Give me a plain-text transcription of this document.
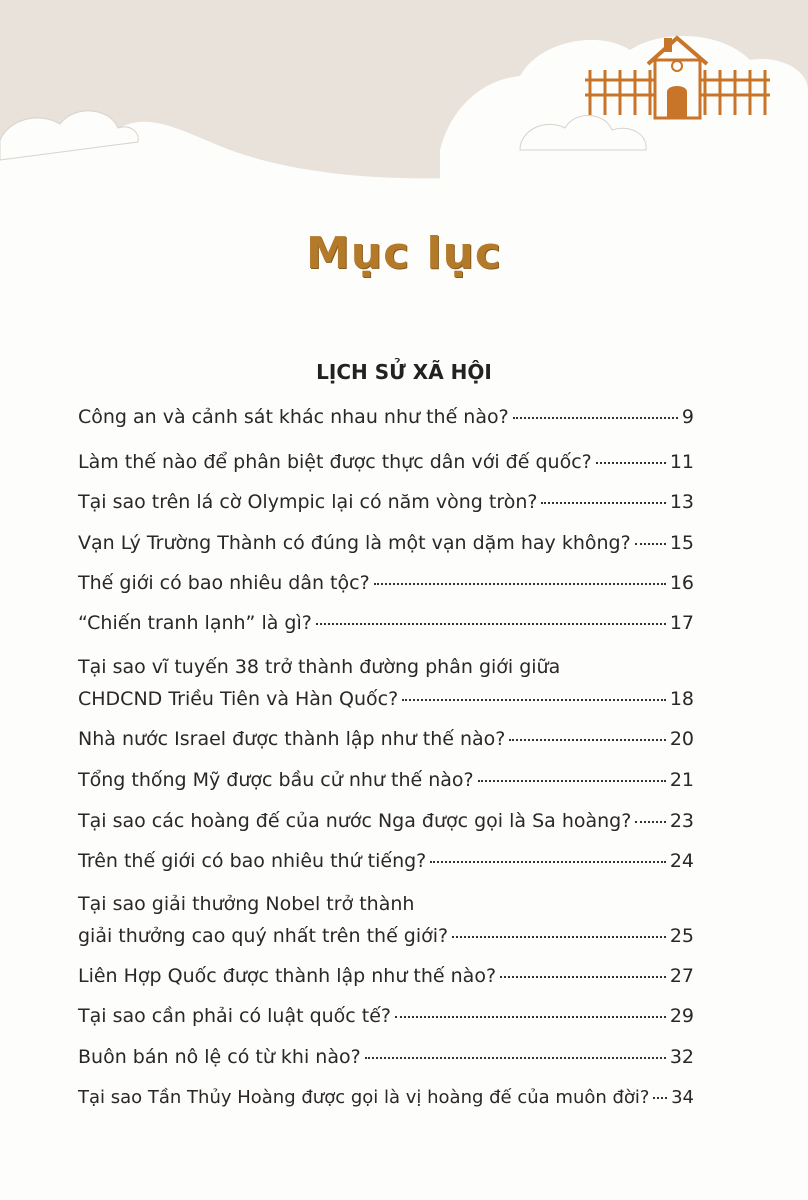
Mục lục
LỊCH SỬ XÃ HỘI
Công an và cảnh sát khác nhau như thế nào?	9
Làm thế nào để phân biệt được thực dân với đế quốc?	11
Tại sao trên lá cờ Olympic lại có năm vòng tròn?	13
Vạn Lý Trường Thành có đúng là một vạn dặm hay không? 15
Thế giới có bao nhiêu dân tộc?	16
“Chiến tranh lạnh” là gì?	17
Tại sao vĩ tuyến 38 trở thành đường phân giới giữa
CHDCND Triều Tiên và Hàn Quốc?	18
Nhà nước Israel được thành lập như thế nào?	20
Tổng thống Mỹ được bầu cử như thế nào?	21
Tại sao các hoàng đế của nước Nga được gọi là Sa hoàng? 23
Trên thế giới có bao nhiêu thứ tiếng?	24
Tại sao giải thưởng Nobel trở thành
giải thưởng cao quý nhất trên thế giới?	25
Liên Hợp Quốc được thành lập như thế nào?	27
Tại sao cần phải có luật quốc tế?	29
Buôn bán nô lệ có từ khi nào?	32
Tại sao Tần Thủy Hoàng được gọi là vị hoàng đế của muôn đời? 34
